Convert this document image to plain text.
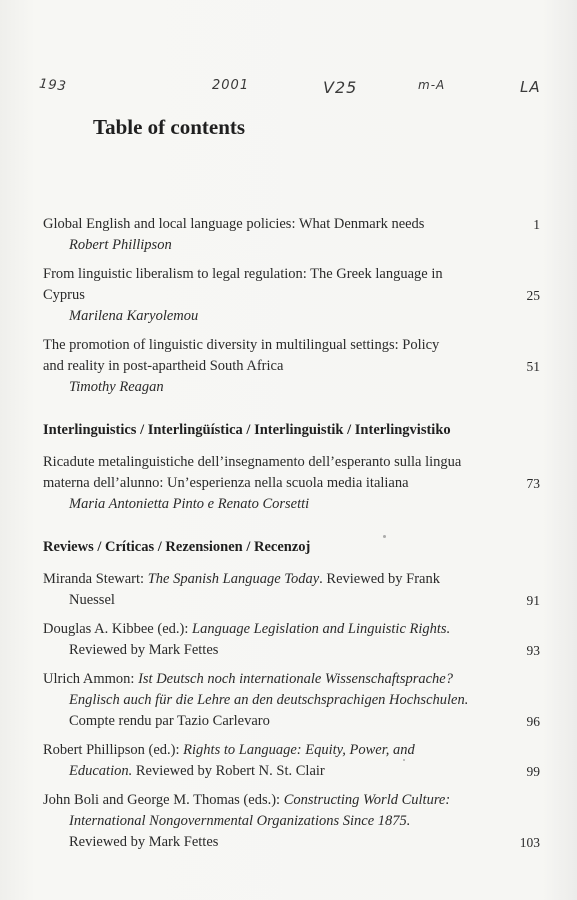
193	2001	V25	m-A	LA
Table of contents
Global English and local language policies: What Denmark needs
Robert Phillipson
1
From linguistic liberalism to legal regulation: The Greek language in
Cyprus
Marilena Karyolemou
25
The promotion of linguistic diversity in multilingual settings: Policy
and reality in post-apartheid South Africa
Timothy Reagan
51
Interlinguistics / Interlingüística / Interlinguistik / Interlingvistiko
Ricadute metalinguistiche dell’insegnamento dell’esperanto sulla lingua
materna dell’alunno: Un’esperienza nella scuola media italiana
Maria Antonietta Pinto e Renato Corsetti
73
Reviews / Críticas / Rezensionen / Recenzoj
Miranda Stewart: The Spanish Language Today. Reviewed by Frank
Nuessel	91
Douglas A. Kibbee (ed.): Language Legislation and Linguistic Rights.
Reviewed by Mark Fettes	93
Ulrich Ammon: Ist Deutsch noch internationale Wissenschaftsprache?
Englisch auch für die Lehre an den deutschsprachigen Hochschulen.
Compte rendu par Tazio Carlevaro	96
Robert Phillipson (ed.): Rights to Language: Equity, Power, and
Education. Reviewed by Robert N. St. Clair	99
John Boli and George M. Thomas (eds.): Constructing World Culture:
International Nongovernmental Organizations Since 1875.
Reviewed by Mark Fettes	103
